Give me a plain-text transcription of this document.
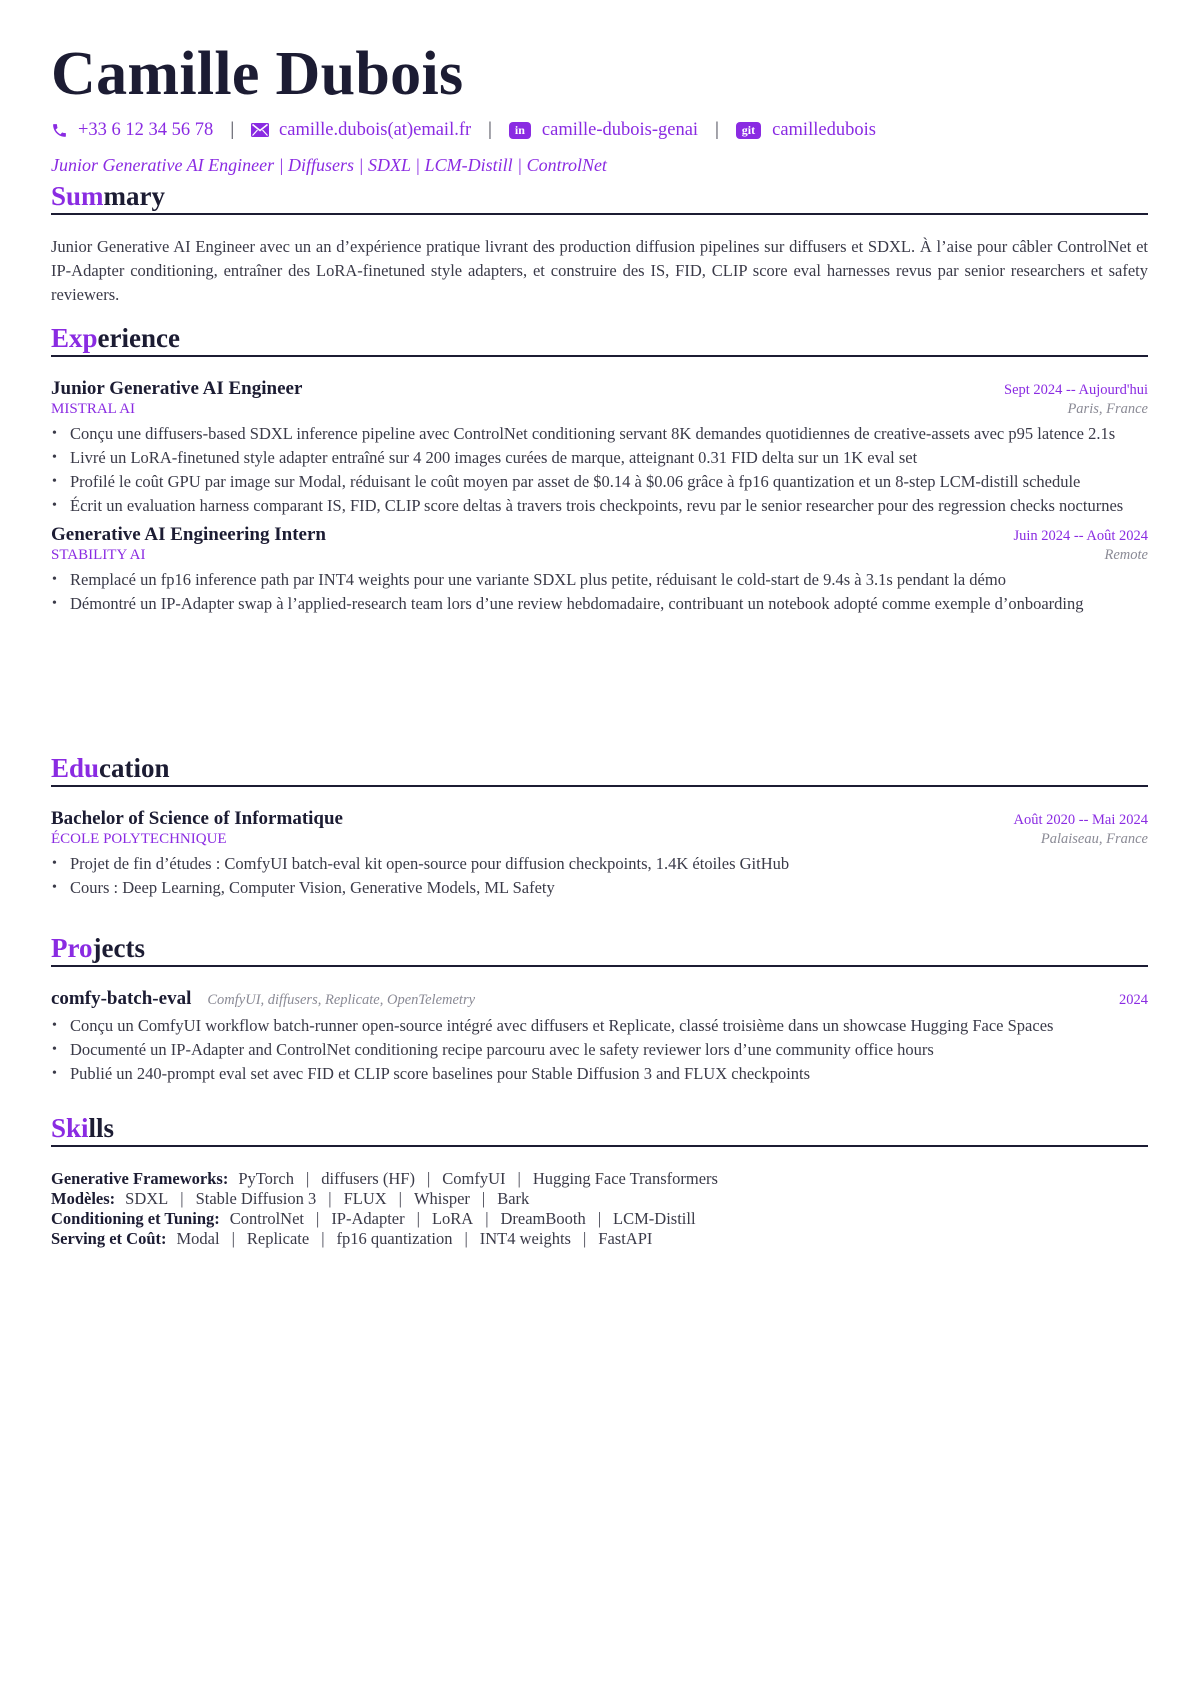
Camille Dubois
+33 6 12 34 56 78 | camille.dubois(at)email.fr |	in camille-dubois-genai |	git camilledubois
Junior Generative AI Engineer | Diffusers | SDXL | LCM-Distill | ControlNet
Summary
Junior Generative AI Engineer avec un an d’expérience pratique livrant des production diffusion pipelines sur diffusers et SDXL. À l’aise pour câbler ControlNet et IP-Adapter conditioning, entraîner des LoRA-finetuned style adapters, et construire des IS, FID, CLIP score eval harnesses revus par senior researchers et safety reviewers.
Experience
Junior Generative AI Engineer	Sept 2024 -- Aujourd'hui
MISTRAL AI	Paris, France
• Conçu une diffusers-based SDXL inference pipeline avec ControlNet conditioning servant 8K demandes quotidiennes de creative-assets avec p95 latence 2.1s
• Livré un LoRA-finetuned style adapter entraîné sur 4 200 images curées de marque, atteignant 0.31 FID delta sur un 1K eval set
• Profilé le coût GPU par image sur Modal, réduisant le coût moyen par asset de $0.14 à $0.06 grâce à fp16 quantization et un 8-step LCM-distill schedule
• Écrit un evaluation harness comparant IS, FID, CLIP score deltas à travers trois checkpoints, revu par le senior researcher pour des regression checks nocturnes
Generative AI Engineering Intern	Juin 2024 -- Août 2024
STABILITY AI	Remote
• Remplacé un fp16 inference path par INT4 weights pour une variante SDXL plus petite, réduisant le cold-start de 9.4s à 3.1s pendant la démo
• Démontré un IP-Adapter swap à l’applied-research team lors d’une review hebdomadaire, contribuant un notebook adopté comme exemple d’onboarding
Education
Bachelor of Science of Informatique	Août 2020 -- Mai 2024
ÉCOLE POLYTECHNIQUE	Palaiseau, France
• Projet de fin d’études : ComfyUI batch-eval kit open-source pour diffusion checkpoints, 1.4K étoiles GitHub
• Cours : Deep Learning, Computer Vision, Generative Models, ML Safety
Projects
comfy-batch-eval ComfyUI, diffusers, Replicate, OpenTelemetry	2024
• Conçu un ComfyUI workflow batch-runner open-source intégré avec diffusers et Replicate, classé troisième dans un showcase Hugging Face Spaces
• Documenté un IP-Adapter and ControlNet conditioning recipe parcouru avec le safety reviewer lors d’une community office hours
• Publié un 240-prompt eval set avec FID et CLIP score baselines pour Stable Diffusion 3 and FLUX checkpoints
Skills
Generative Frameworks: PyTorch | diffusers (HF) | ComfyUI | Hugging Face Transformers
Modèles: SDXL | Stable Diffusion 3 | FLUX | Whisper | Bark
Conditioning et Tuning: ControlNet | IP-Adapter | LoRA | DreamBooth | LCM-Distill
Serving et Coût: Modal | Replicate | fp16 quantization | INT4 weights | FastAPI
